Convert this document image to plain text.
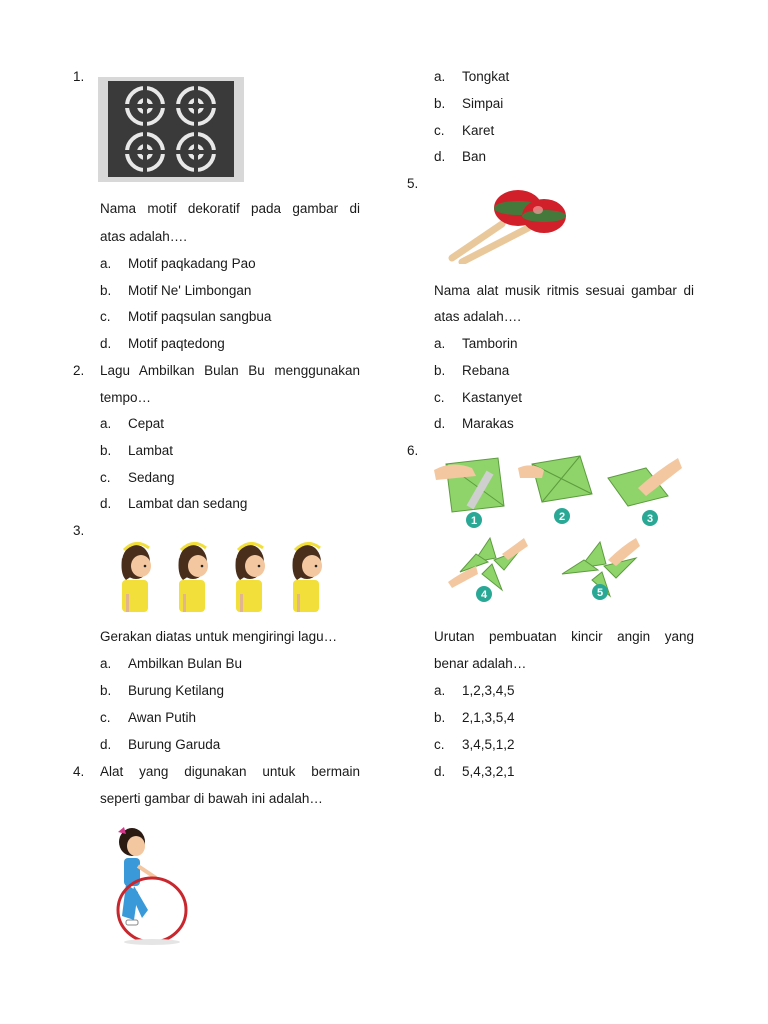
1.
Nama motif dekoratif pada gambar di
atas adalah….
a. Motif paqkadang Pao
b. Motif Ne' Limbongan
c. Motif paqsulan sangbua
d. Motif paqtedong
2. Lagu Ambilkan Bulan Bu menggunakan
tempo…
a. Cepat
b. Lambat
c. Sedang
d. Lambat dan sedang
3.
Gerakan diatas untuk mengiringi lagu…
a. Ambilkan Bulan Bu
b. Burung Ketilang
c. Awan Putih
d. Burung Garuda
4. Alat yang digunakan untuk bermain
seperti gambar di bawah ini adalah…
a. Tongkat
b. Simpai
c. Karet
d. Ban
5.
Nama alat musik ritmis sesuai gambar di
atas adalah….
a. Tamborin
b. Rebana
c. Kastanyet
d. Marakas
6.
1	2	3
4	5
Urutan pembuatan kincir angin yang
benar adalah…
a. 1,2,3,4,5
b. 2,1,3,5,4
c. 3,4,5,1,2
d. 5,4,3,2,1
